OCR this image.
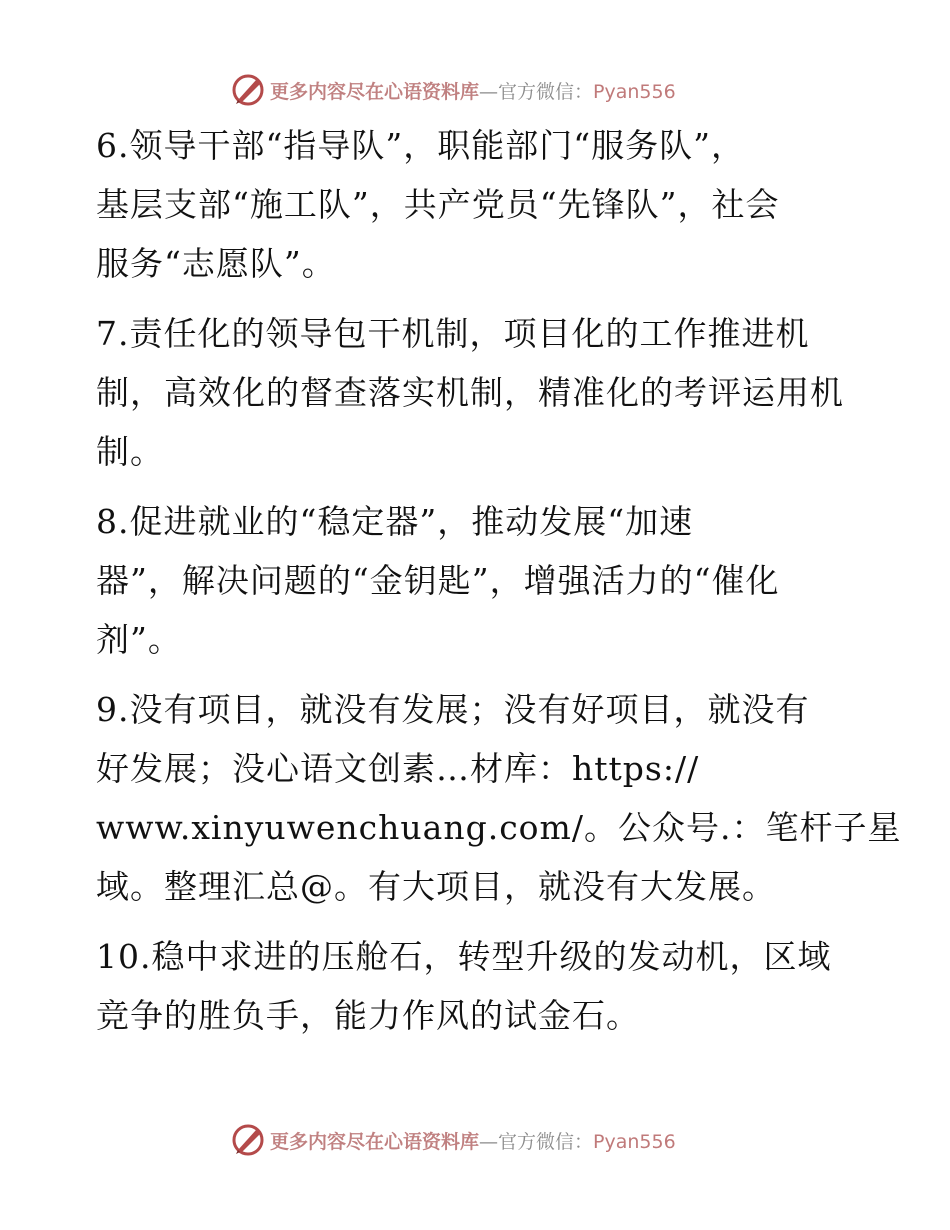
更多内容尽在心语资料库—官方微信：Pyan556
6.领导干部“指导队”，职能部门“服务队”，
基层支部“施工队”，共产党员“先锋队”，社会
服务“志愿队”。
7.责任化的领导包干机制，项目化的工作推进机
制，高效化的督查落实机制，精准化的考评运用机
制。
8.促进就业的“稳定器”，推动发展“加速
器”，解决问题的“金钥匙”，增强活力的“催化
剂”。
9.没有项目，就没有发展；没有好项目，就没有
好发展；没心语文创素…材库：https://
www.xinyuwenchuang.com/。公众号.：笔杆子星
域。整理汇总@。有大项目，就没有大发展。
10.稳中求进的压舱石，转型升级的发动机，区域
竞争的胜负手，能力作风的试金石。
更多内容尽在心语资料库—官方微信：Pyan556
